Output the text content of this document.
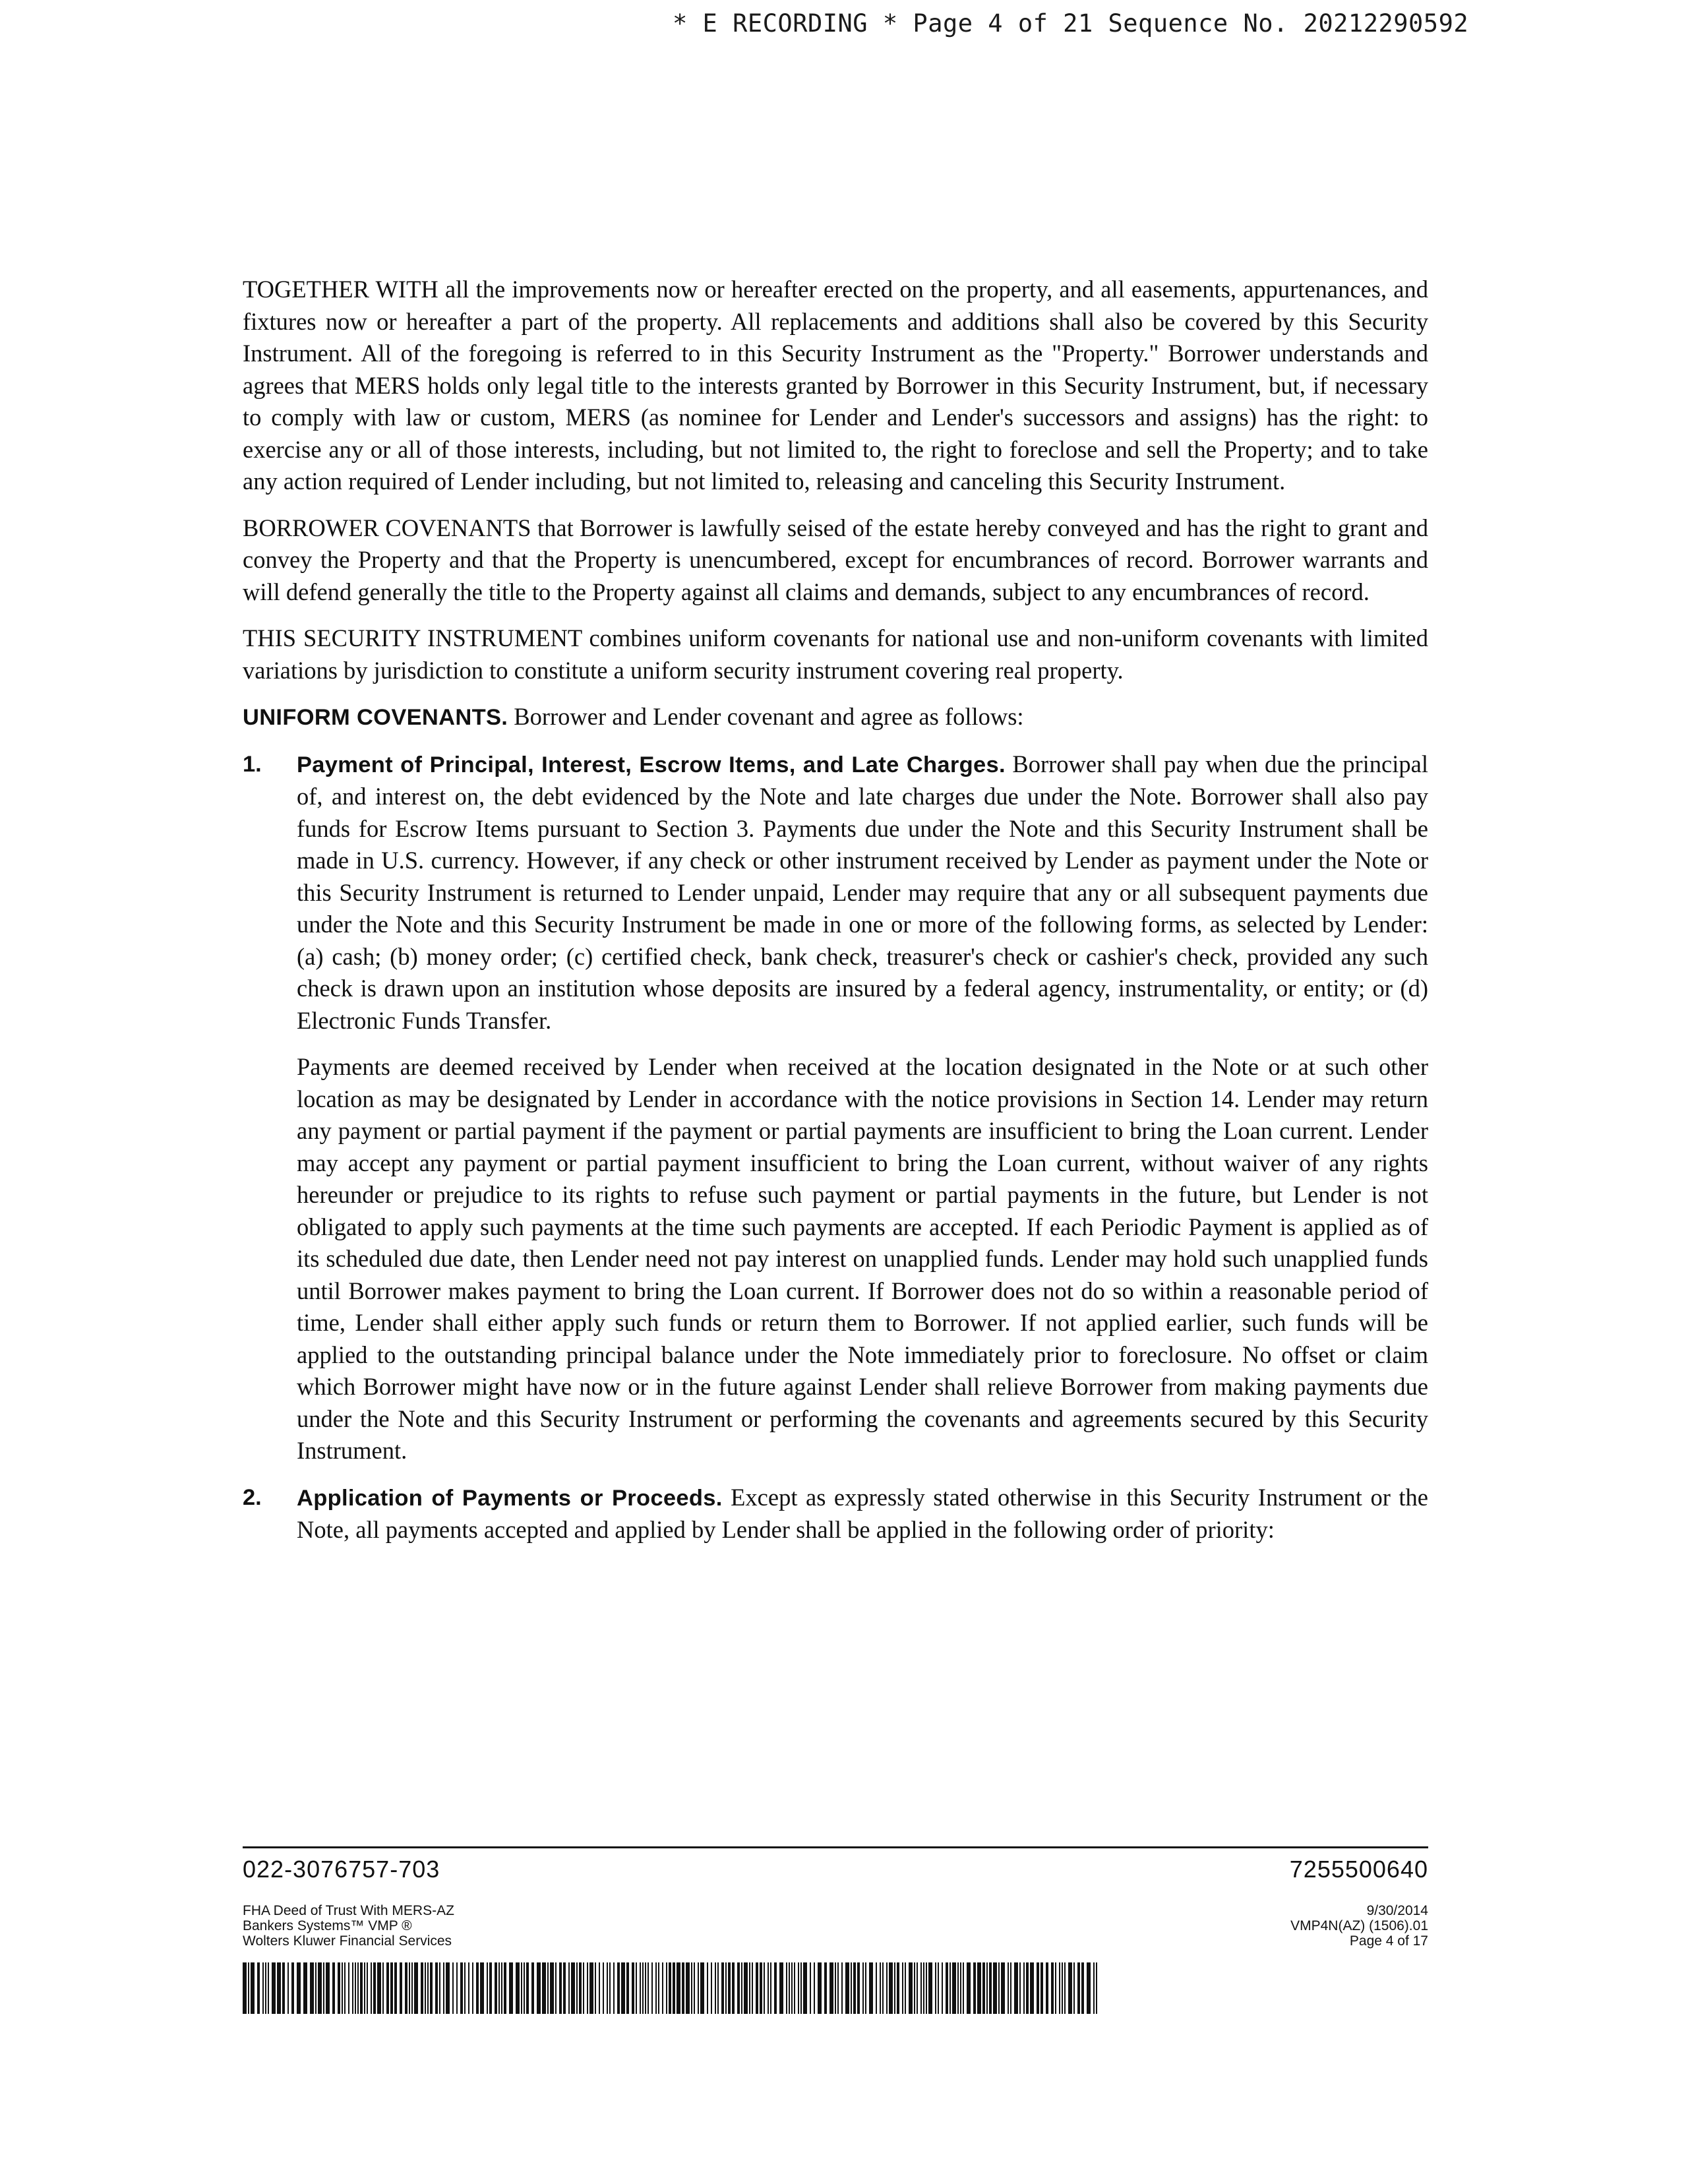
* E RECORDING * Page 4 of 21 Sequence No. 20212290592

TOGETHER WITH all the improvements now or hereafter erected on the property, and all easements, appurtenances, and fixtures now or hereafter a part of the property. All replacements and additions shall also be covered by this Security Instrument. All of the foregoing is referred to in this Security Instrument as the "Property." Borrower understands and agrees that MERS holds only legal title to the interests granted by Borrower in this Security Instrument, but, if necessary to comply with law or custom, MERS (as nominee for Lender and Lender's successors and assigns) has the right: to exercise any or all of those interests, including, but not limited to, the right to foreclose and sell the Property; and to take any action required of Lender including, but not limited to, releasing and canceling this Security Instrument.

BORROWER COVENANTS that Borrower is lawfully seised of the estate hereby conveyed and has the right to grant and convey the Property and that the Property is unencumbered, except for encumbrances of record. Borrower warrants and will defend generally the title to the Property against all claims and demands, subject to any encumbrances of record.

THIS SECURITY INSTRUMENT combines uniform covenants for national use and non-uniform covenants with limited variations by jurisdiction to constitute a uniform security instrument covering real property.

UNIFORM COVENANTS. Borrower and Lender covenant and agree as follows:

1. Payment of Principal, Interest, Escrow Items, and Late Charges. Borrower shall pay when due the principal of, and interest on, the debt evidenced by the Note and late charges due under the Note. Borrower shall also pay funds for Escrow Items pursuant to Section 3. Payments due under the Note and this Security Instrument shall be made in U.S. currency. However, if any check or other instrument received by Lender as payment under the Note or this Security Instrument is returned to Lender unpaid, Lender may require that any or all subsequent payments due under the Note and this Security Instrument be made in one or more of the following forms, as selected by Lender: (a) cash; (b) money order; (c) certified check, bank check, treasurer's check or cashier's check, provided any such check is drawn upon an institution whose deposits are insured by a federal agency, instrumentality, or entity; or (d) Electronic Funds Transfer.

Payments are deemed received by Lender when received at the location designated in the Note or at such other location as may be designated by Lender in accordance with the notice provisions in Section 14. Lender may return any payment or partial payment if the payment or partial payments are insufficient to bring the Loan current. Lender may accept any payment or partial payment insufficient to bring the Loan current, without waiver of any rights hereunder or prejudice to its rights to refuse such payment or partial payments in the future, but Lender is not obligated to apply such payments at the time such payments are accepted. If each Periodic Payment is applied as of its scheduled due date, then Lender need not pay interest on unapplied funds. Lender may hold such unapplied funds until Borrower makes payment to bring the Loan current. If Borrower does not do so within a reasonable period of time, Lender shall either apply such funds or return them to Borrower. If not applied earlier, such funds will be applied to the outstanding principal balance under the Note immediately prior to foreclosure. No offset or claim which Borrower might have now or in the future against Lender shall relieve Borrower from making payments due under the Note and this Security Instrument or performing the covenants and agreements secured by this Security Instrument.

2. Application of Payments or Proceeds. Except as expressly stated otherwise in this Security Instrument or the Note, all payments accepted and applied by Lender shall be applied in the following order of priority:

022-3076757-703	7255500640
FHA Deed of Trust With MERS-AZ
Bankers Systems™ VMP ®
Wolters Kluwer Financial Services
9/30/2014
VMP4N(AZ) (1506).01
Page 4 of 17
